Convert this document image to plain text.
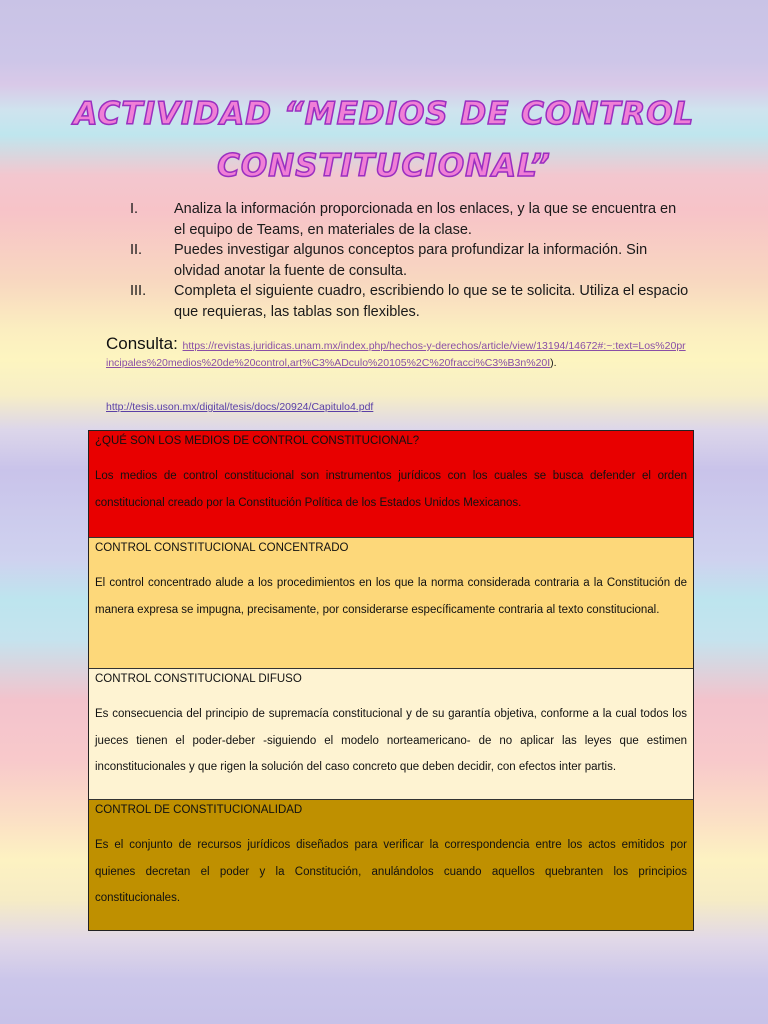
ACTIVIDAD “MEDIOS DE CONTROL
CONSTITUCIONAL”
I.	Analiza la información proporcionada en los enlaces, y la que se encuentra en el equipo de Teams, en materiales de la clase.
II.	Puedes investigar algunos conceptos para profundizar la información. Sin olvidad anotar la fuente de consulta.
III.	Completa el siguiente cuadro, escribiendo lo que se te solicita. Utiliza el espacio que requieras, las tablas son flexibles.
Consulta: https://revistas.juridicas.unam.mx/index.php/hechos-y-derechos/article/view/13194/14672#:~:text=Los%20principales%20medios%20de%20control,art%C3%ADculo%20105%2C%20fracci%C3%B3n%20I).
http://tesis.uson.mx/digital/tesis/docs/20924/Capitulo4.pdf
¿QUÉ SON LOS MEDIOS DE CONTROL CONSTITUCIONAL?
Los medios de control constitucional son instrumentos jurídicos con los cuales se busca defender el orden constitucional creado por la Constitución Política de los Estados Unidos Mexicanos.
CONTROL CONSTITUCIONAL CONCENTRADO
El control concentrado alude a los procedimientos en los que la norma considerada contraria a la Constitución de manera expresa se impugna, precisamente, por considerarse específicamente contraria al texto constitucional.
CONTROL CONSTITUCIONAL DIFUSO
Es consecuencia del principio de supremacía constitucional y de su garantía objetiva, conforme a la cual todos los jueces tienen el poder-deber -siguiendo el modelo norteamericano- de no aplicar las leyes que estimen inconstitucionales y que rigen la solución del caso concreto que deben decidir, con efectos inter partis.
CONTROL DE CONSTITUCIONALIDAD
Es el conjunto de recursos jurídicos diseñados para verificar la correspondencia entre los actos emitidos por quienes decretan el poder y la Constitución, anulándolos cuando aquellos quebranten los principios constitucionales.
